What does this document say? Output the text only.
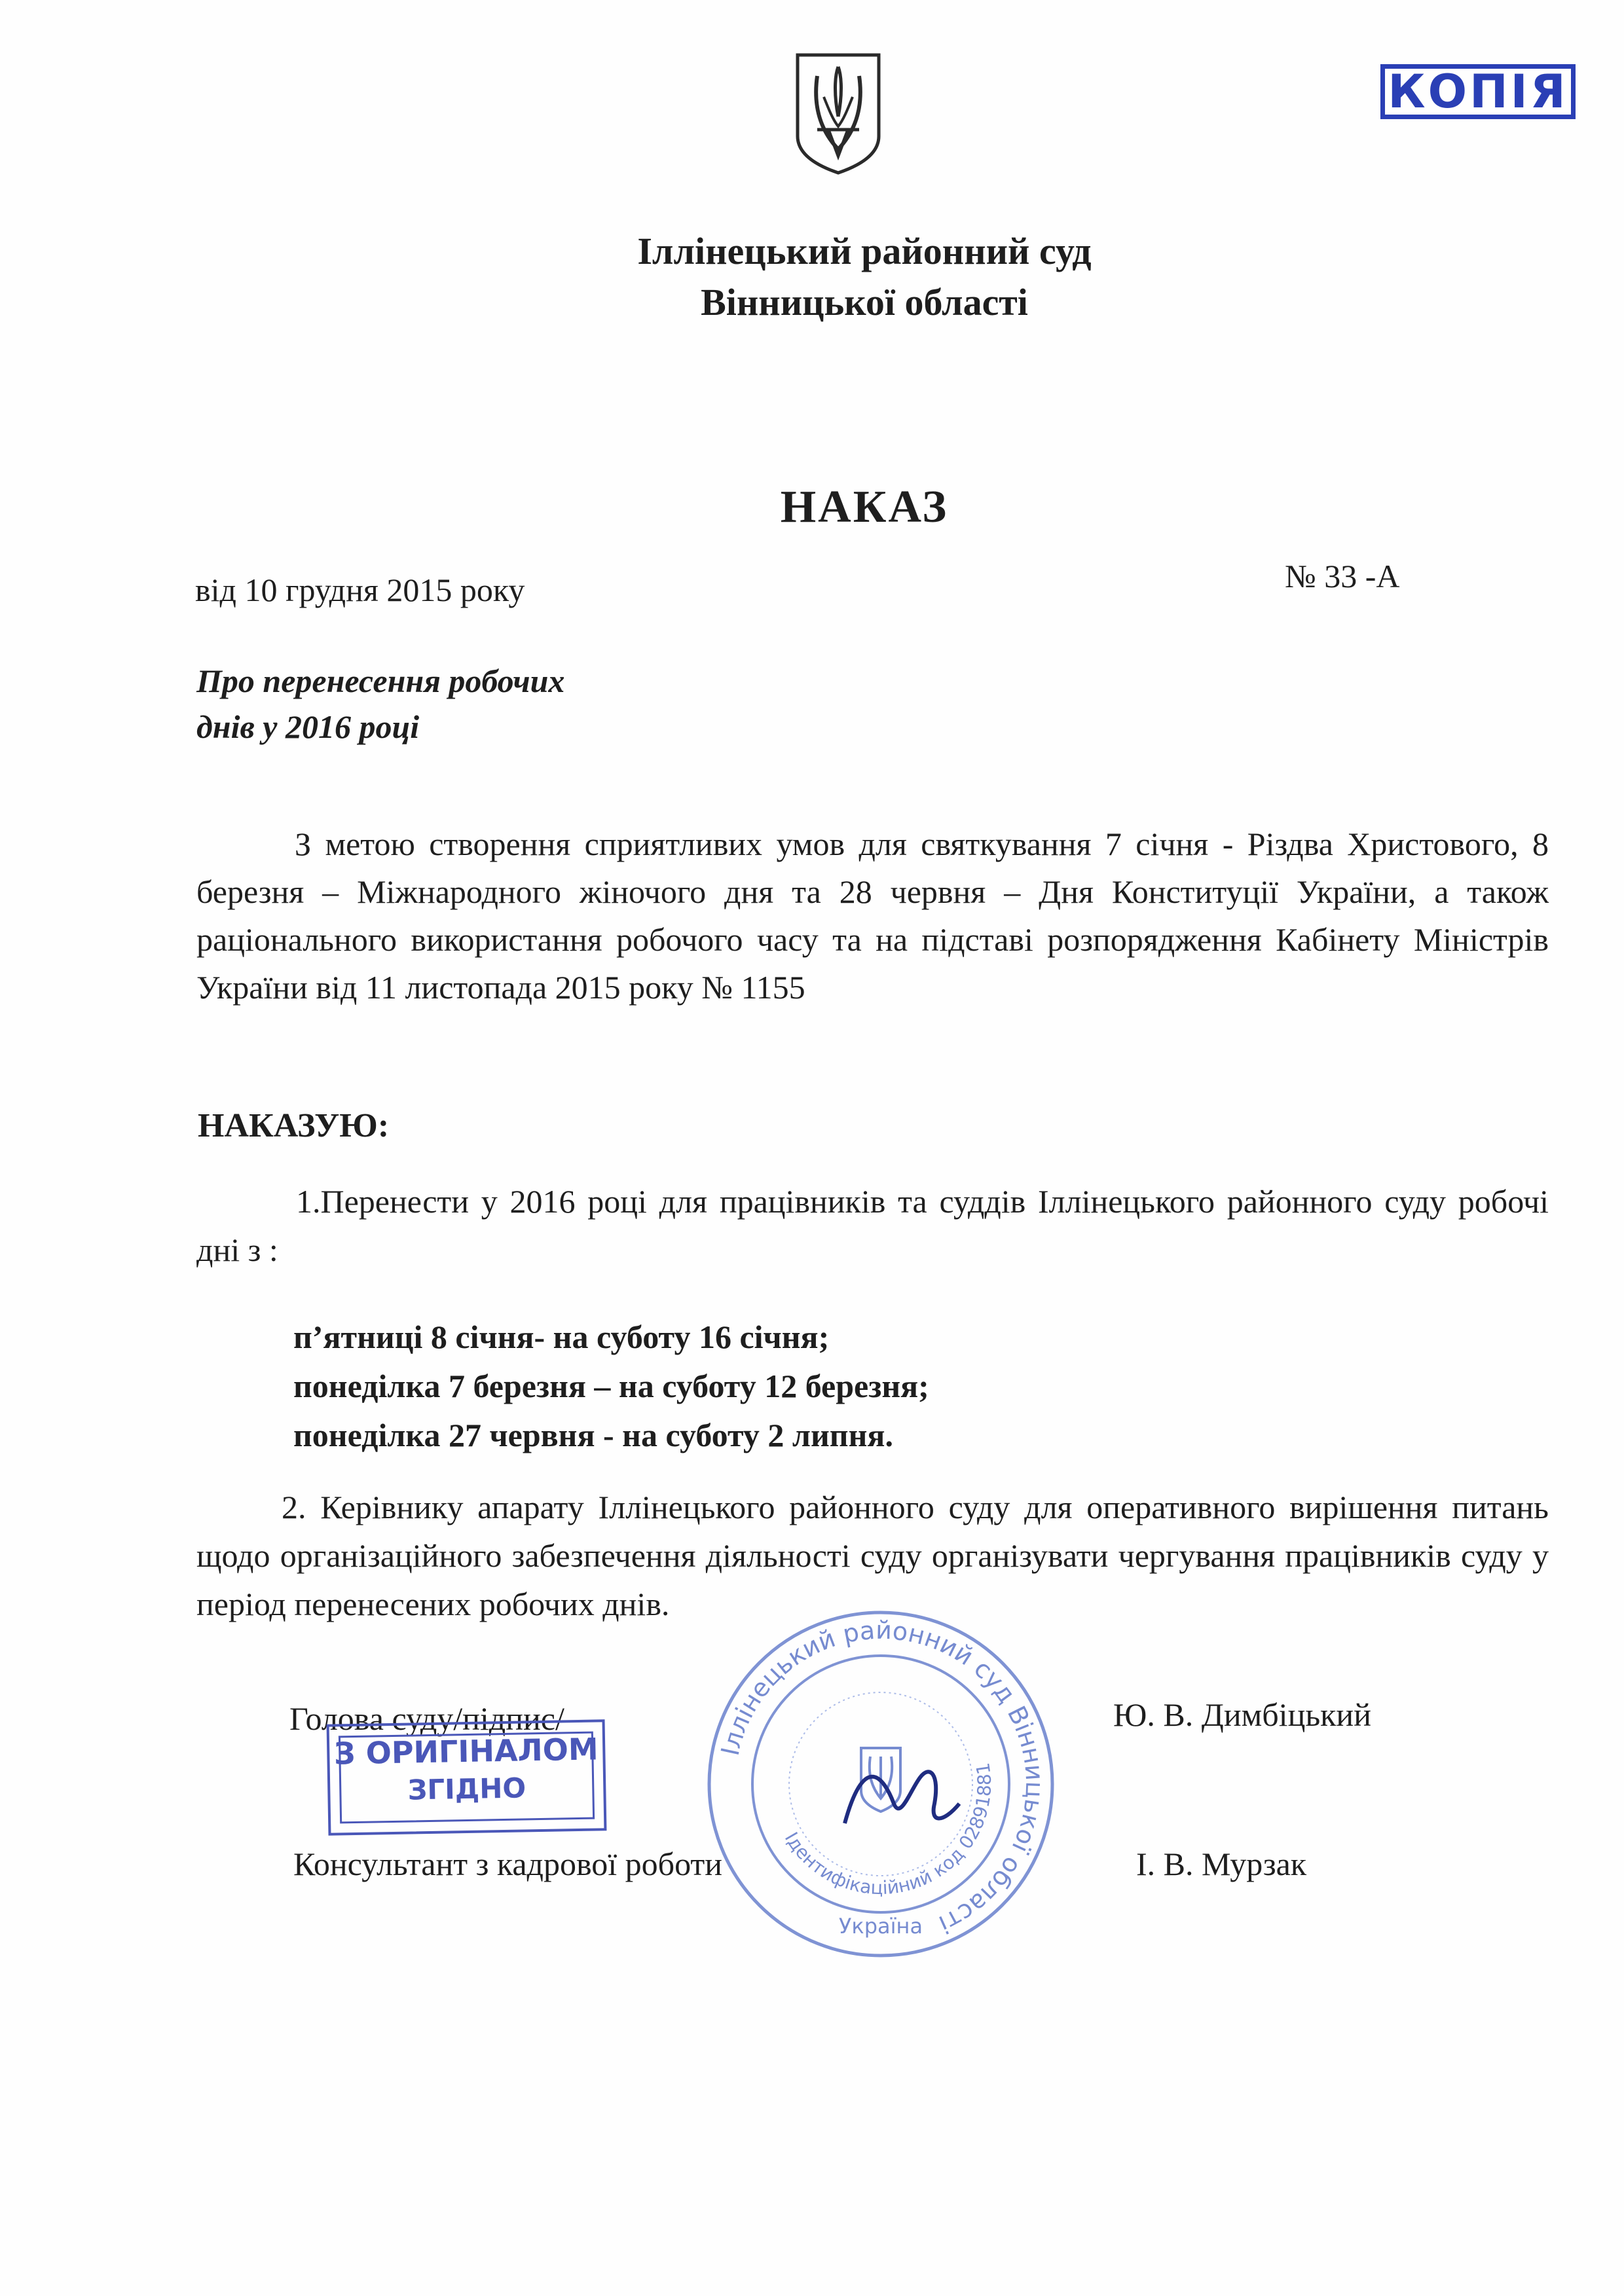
КОПІЯ
Іллінецький районний суд
Вінницької області
НАКАЗ
від 10 грудня 2015 року	№ 33 -А
Про перенесення робочих
днів у 2016 році
З метою створення сприятливих умов для святкування 7 січня - Різдва Христового, 8 березня – Міжнародного жіночого дня та 28 червня – Дня Конституції України, а також раціонального використання робочого часу та на підставі розпорядження Кабінету Міністрів України від 11 листопада 2015 року № 1155
НАКАЗУЮ:
1.Перенести у 2016 році для працівників та суддів Іллінецького районного суду робочі дні з :
п’ятниці 8 січня- на суботу 16 січня;
понеділка 7 березня – на суботу 12 березня;
понеділка 27 червня - на суботу 2 липня.
2. Керівнику апарату Іллінецького районного суду для оперативного вирішення питань щодо організаційного забезпечення діяльності суду організувати чергування працівників суду у період перенесених робочих днів.
Іллінецький районний суд Вінницької області
Ідентифікаційний код 02891881
Україна
Голова суду/підпис/	Ю. В. Димбіцький
З ОРИГІНАЛОМ
ЗГІДНО
Консультант з кадрової роботи	І. В. Мурзак
